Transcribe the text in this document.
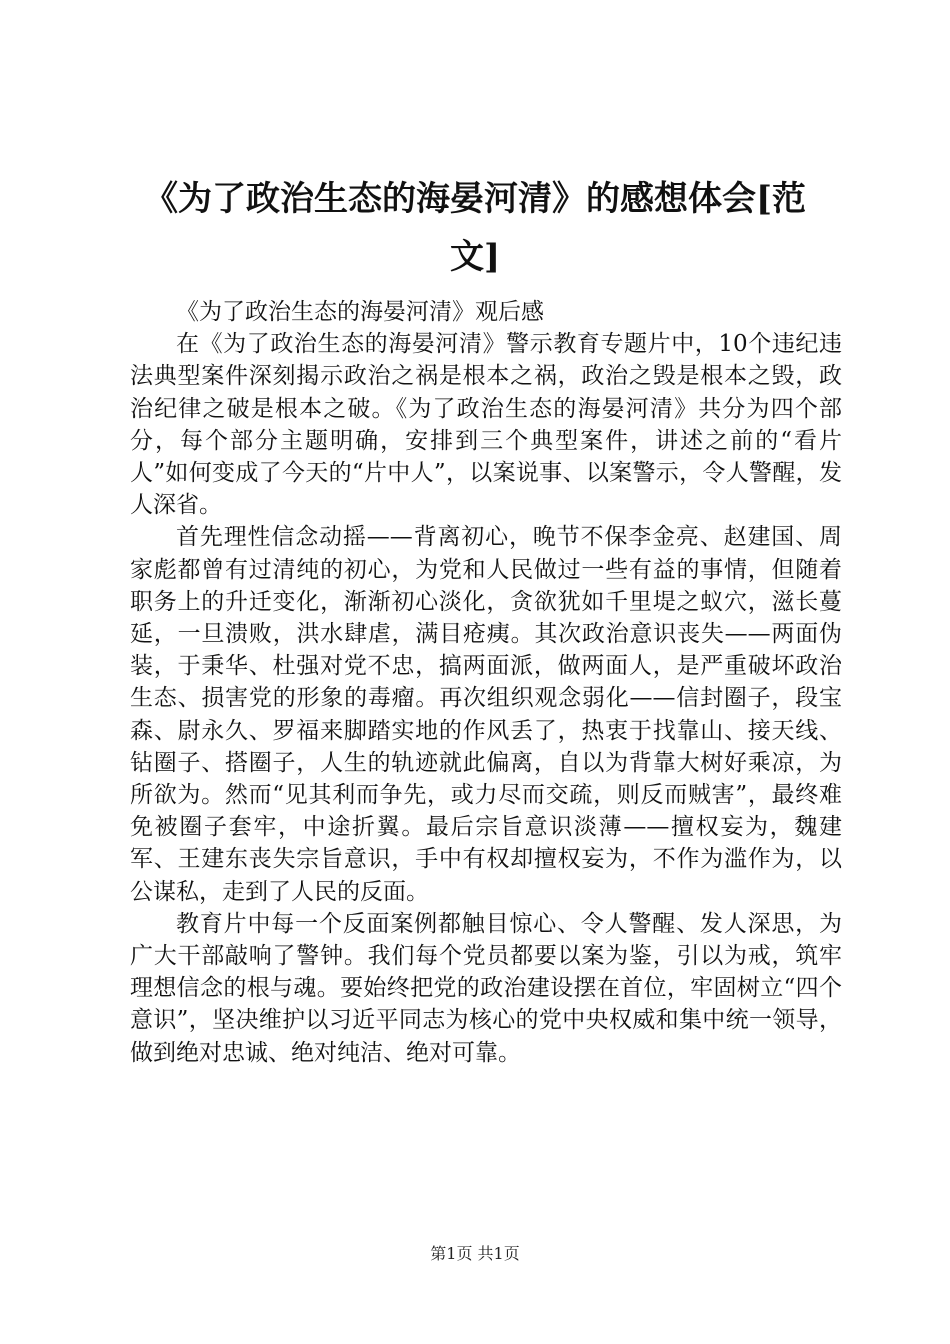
《为了政治生态的海晏河清》的感想体会[范文]

《为了政治生态的海晏河清》观后感

在《为了政治生态的海晏河清》警示教育专题片中，10个违纪违法典型案件深刻揭示政治之祸是根本之祸，政治之毁是根本之毁，政治纪律之破是根本之破。《为了政治生态的海晏河清》共分为四个部分，每个部分主题明确，安排到三个典型案件，讲述之前的“看片人”如何变成了今天的“片中人”，以案说事、以案警示，令人警醒，发人深省。

首先理性信念动摇——背离初心，晚节不保李金亮、赵建国、周家彪都曾有过清纯的初心，为党和人民做过一些有益的事情，但随着职务上的升迁变化，渐渐初心淡化，贪欲犹如千里堤之蚁穴，滋长蔓延，一旦溃败，洪水肆虐，满目疮痍。其次政治意识丧失——两面伪装，于秉华、杜强对党不忠，搞两面派，做两面人，是严重破坏政治生态、损害党的形象的毒瘤。再次组织观念弱化——信封圈子，段宝森、尉永久、罗福来脚踏实地的作风丢了，热衷于找靠山、接天线、钻圈子、搭圈子，人生的轨迹就此偏离，自以为背靠大树好乘凉，为所欲为。然而“见其利而争先，或力尽而交疏，则反而贼害”，最终难免被圈子套牢，中途折翼。最后宗旨意识淡薄——擅权妄为，魏建军、王建东丧失宗旨意识，手中有权却擅权妄为，不作为滥作为，以公谋私，走到了人民的反面。

教育片中每一个反面案例都触目惊心、令人警醒、发人深思，为广大干部敲响了警钟。我们每个党员都要以案为鉴，引以为戒，筑牢理想信念的根与魂。要始终把党的政治建设摆在首位，牢固树立“四个意识”，坚决维护以习近平同志为核心的党中央权威和集中统一领导，做到绝对忠诚、绝对纯洁、绝对可靠。

第1页 共1页
